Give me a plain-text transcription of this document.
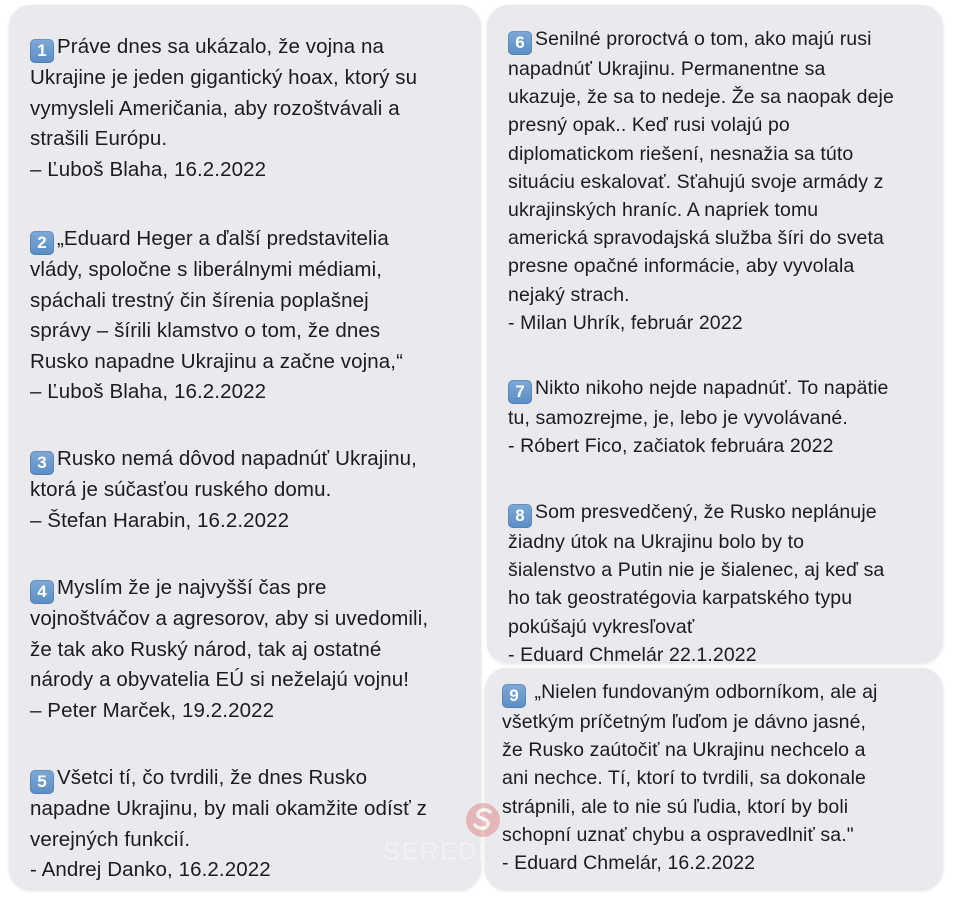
1 Práve dnes sa ukázalo, že vojna na
Ukrajine je jeden gigantický hoax, ktorý su
vymysleli Američania, aby rozoštvávali a
strašili Európu.
– Ľuboš Blaha, 16.2.2022
2 „Eduard Heger a ďalší predstavitelia
vlády, spoločne s liberálnymi médiami,
spáchali trestný čin šírenia poplašnej
správy – šírili klamstvo o tom, že dnes
Rusko napadne Ukrajinu a začne vojna,“
– Ľuboš Blaha, 16.2.2022
3 Rusko nemá dôvod napadnúť Ukrajinu,
ktorá je súčasťou ruského domu.
– Štefan Harabin, 16.2.2022
4 Myslím že je najvyšší čas pre
vojnoštváčov a agresorov, aby si uvedomili,
že tak ako Ruský národ, tak aj ostatné
národy a obyvatelia EÚ si neželajú vojnu!
– Peter Marček, 19.2.2022
5 Všetci tí, čo tvrdili, že dnes Rusko
napadne Ukrajinu, by mali okamžite odísť z
verejných funkcií.
- Andrej Danko, 16.2.2022
6 Senilné proroctvá o tom, ako majú rusi
napadnúť Ukrajinu. Permanentne sa
ukazuje, že sa to nedeje. Že sa naopak deje
presný opak.. Keď rusi volajú po
diplomatickom riešení, nesnažia sa túto
situáciu eskalovať. Sťahujú svoje armády z
ukrajinských hraníc. A napriek tomu
americká spravodajská služba šíri do sveta
presne opačné informácie, aby vyvolala
nejaký strach.
- Milan Uhrík, február 2022
7 Nikto nikoho nejde napadnúť. To napätie
tu, samozrejme, je, lebo je vyvolávané.
- Róbert Fico, začiatok februára 2022
8 Som presvedčený, že Rusko neplánuje
žiadny útok na Ukrajinu bolo by to
šialenstvo a Putin nie je šialenec, aj keď sa
ho tak geostratégovia karpatského typu
pokúšajú vykresľovať
- Eduard Chmelár 22.1.2022
9 „Nielen fundovaným odborníkom, ale aj
všetkým príčetným ľuďom je dávno jasné,
že Rusko zaútočiť na Ukrajinu nechcelo a
ani nechce. Tí, ktorí to tvrdili, sa dokonale
strápnili, ale to nie sú ľudia, ktorí by boli
schopní uznať chybu a ospravedlniť sa."
- Eduard Chmelár, 16.2.2022
SEREDÍ
